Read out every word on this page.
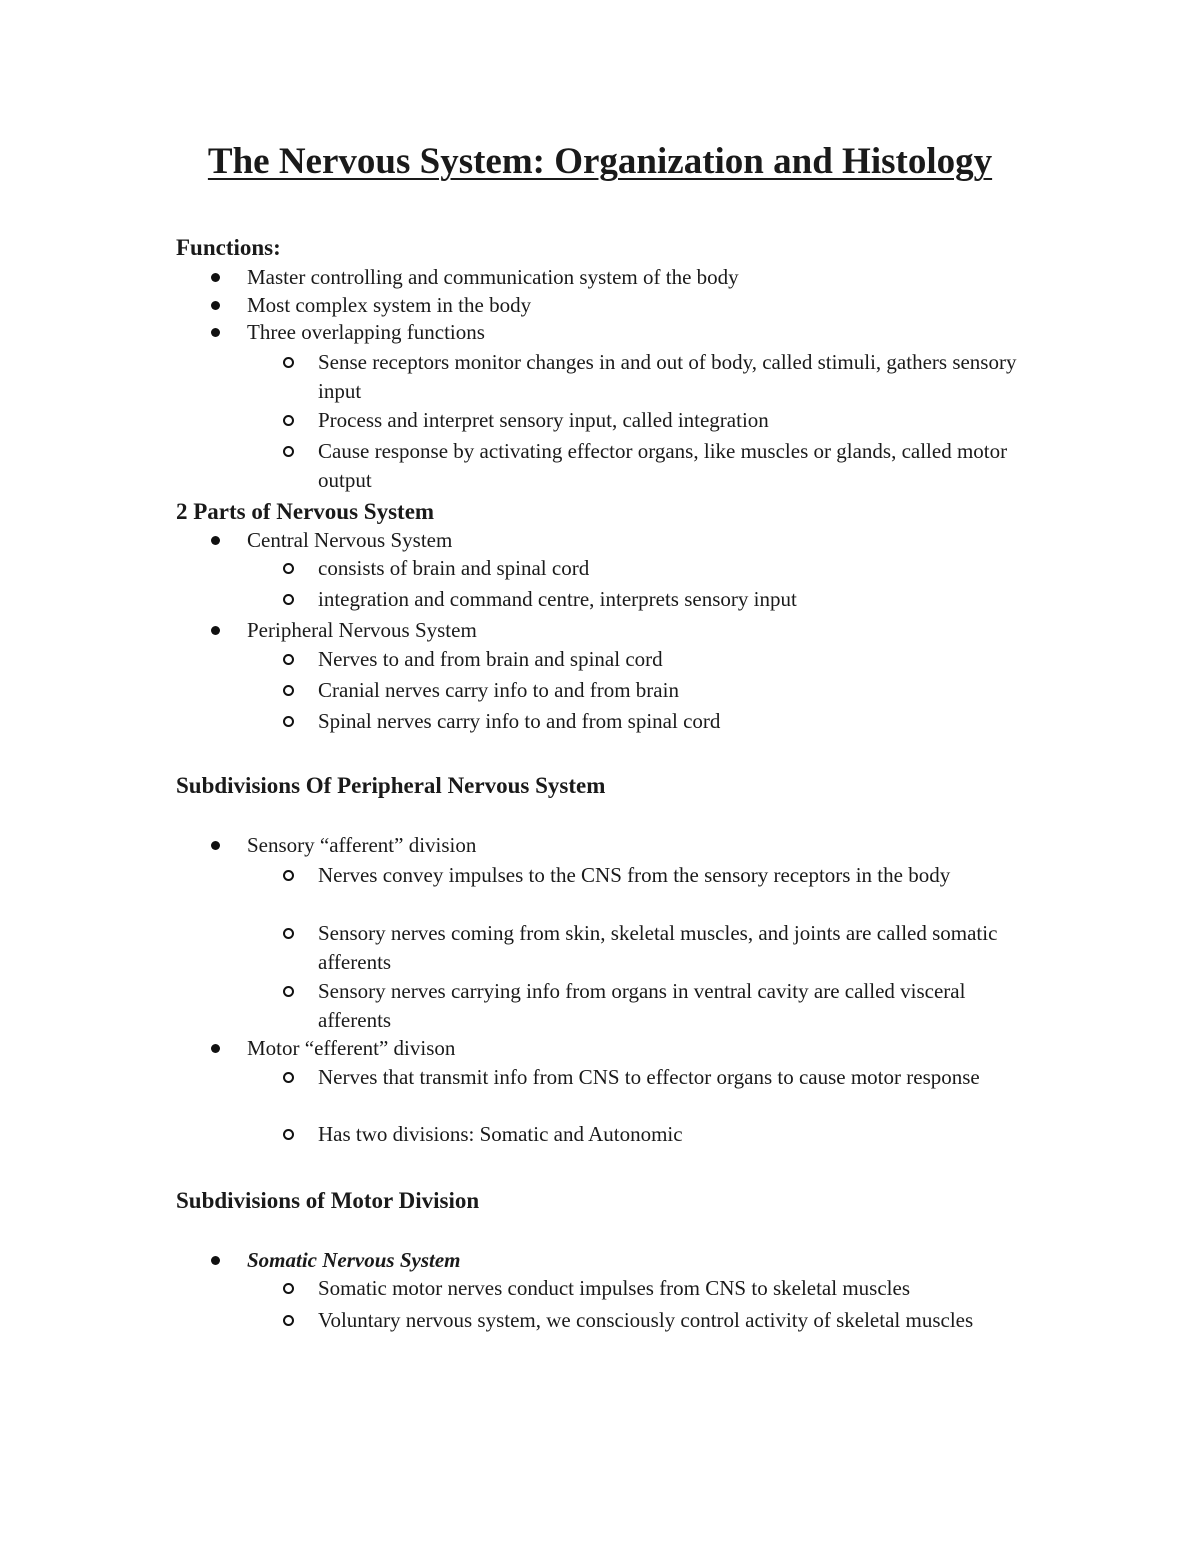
The Nervous System: Organization and Histology
Functions:
Master controlling and communication system of the body
Most complex system in the body
Three overlapping functions
Sense receptors monitor changes in and out of body, called stimuli, gathers sensory input
Process and interpret sensory input, called integration
Cause response by activating effector organs, like muscles or glands, called motor output
2 Parts of Nervous System
Central Nervous System
consists of brain and spinal cord
integration and command centre, interprets sensory input
Peripheral Nervous System
Nerves to and from brain and spinal cord
Cranial nerves carry info to and from brain
Spinal nerves carry info to and from spinal cord
Subdivisions Of Peripheral Nervous System
Sensory “afferent” division
Nerves convey impulses to the CNS from the sensory receptors in the body
Sensory nerves coming from skin, skeletal muscles, and joints are called somatic afferents
Sensory nerves carrying info from organs in ventral cavity are called visceral afferents
Motor “efferent” divison
Nerves that transmit info from CNS to effector organs to cause motor response
Has two divisions: Somatic and Autonomic
Subdivisions of Motor Division
Somatic Nervous System
Somatic motor nerves conduct impulses from CNS to skeletal muscles
Voluntary nervous system, we consciously control activity of skeletal muscles
